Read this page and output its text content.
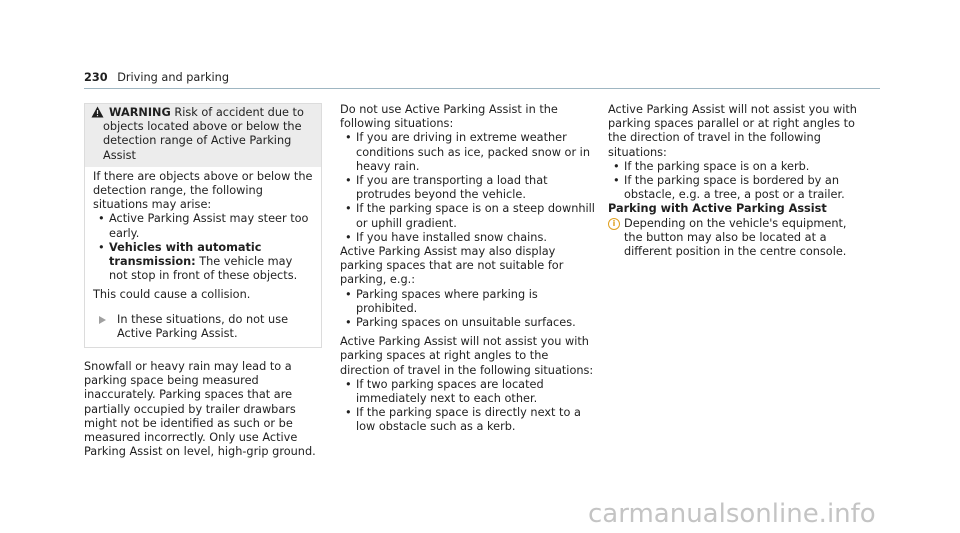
230 Driving and parking
WARNING Risk of accident due to objects located above or below the detection range of Active Parking Assist

If there are objects above or below the detection range, the following situations may arise:

• Active Parking Assist may steer too early.
• Vehicles with automatic transmission: The vehicle may not stop in front of these objects.

This could cause a collision.

In these situations, do not use Active Parking Assist.

Snowfall or heavy rain may lead to a parking space being measured inaccurately. Parking spaces that are partially occupied by trailer drawbars might not be identified as such or be measured incorrectly. Only use Active Parking Assist on level, high-grip ground.

Do not use Active Parking Assist in the following situations:

• If you are driving in extreme weather conditions such as ice, packed snow or in heavy rain.
• If you are transporting a load that protrudes beyond the vehicle.
• If the parking space is on a steep downhill or uphill gradient.
• If you have installed snow chains.

Active Parking Assist may also display parking spaces that are not suitable for parking, e.g.:

• Parking spaces where parking is prohibited.
• Parking spaces on unsuitable surfaces.

Active Parking Assist will not assist you with parking spaces at right angles to the direction of travel in the following situations:

• If two parking spaces are located immediately next to each other.
• If the parking space is directly next to a low obstacle such as a kerb.

Active Parking Assist will not assist you with parking spaces parallel or at right angles to the direction of travel in the following situations:

• If the parking space is on a kerb.
• If the parking space is bordered by an obstacle, e.g. a tree, a post or a trailer.

Parking with Active Parking Assist

i Depending on the vehicle's equipment, the button may also be located at a different position in the centre console.
carmanualsonline.info
